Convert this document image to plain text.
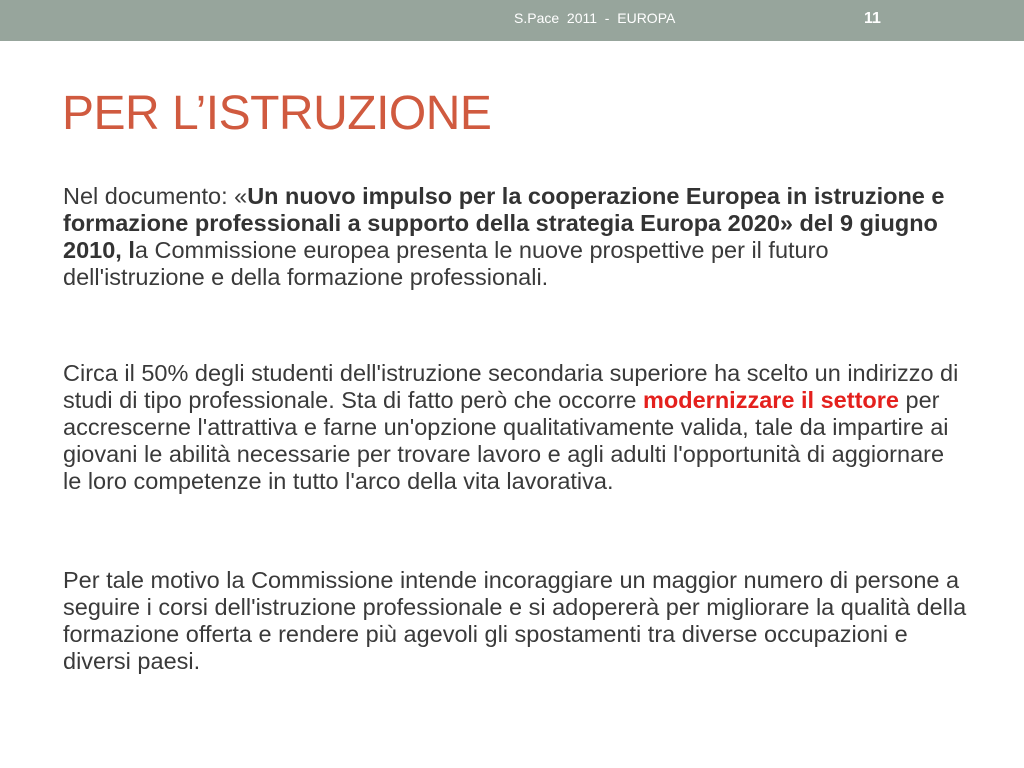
S.Pace  2011  -  EUROPA	11
PER L’ISTRUZIONE

Nel documento: «Un nuovo impulso per la cooperazione Europea in istruzione e formazione professionali a supporto della strategia Europa 2020» del 9 giugno 2010, la Commissione europea presenta le nuove prospettive per il futuro dell'istruzione e della formazione professionali.

Circa il 50% degli studenti dell'istruzione secondaria superiore ha scelto un indirizzo di studi di tipo professionale. Sta di fatto però che occorre modernizzare il settore per accrescerne l'attrattiva e farne un'opzione qualitativamente valida, tale da impartire ai giovani le abilità necessarie per trovare lavoro e agli adulti l'opportunità di aggiornare le loro competenze in tutto l'arco della vita lavorativa.

Per tale motivo la Commissione intende incoraggiare un maggior numero di persone a seguire i corsi dell'istruzione professionale e si adopererà per migliorare la qualità della formazione offerta e rendere più agevoli gli spostamenti tra diverse occupazioni e diversi paesi.
